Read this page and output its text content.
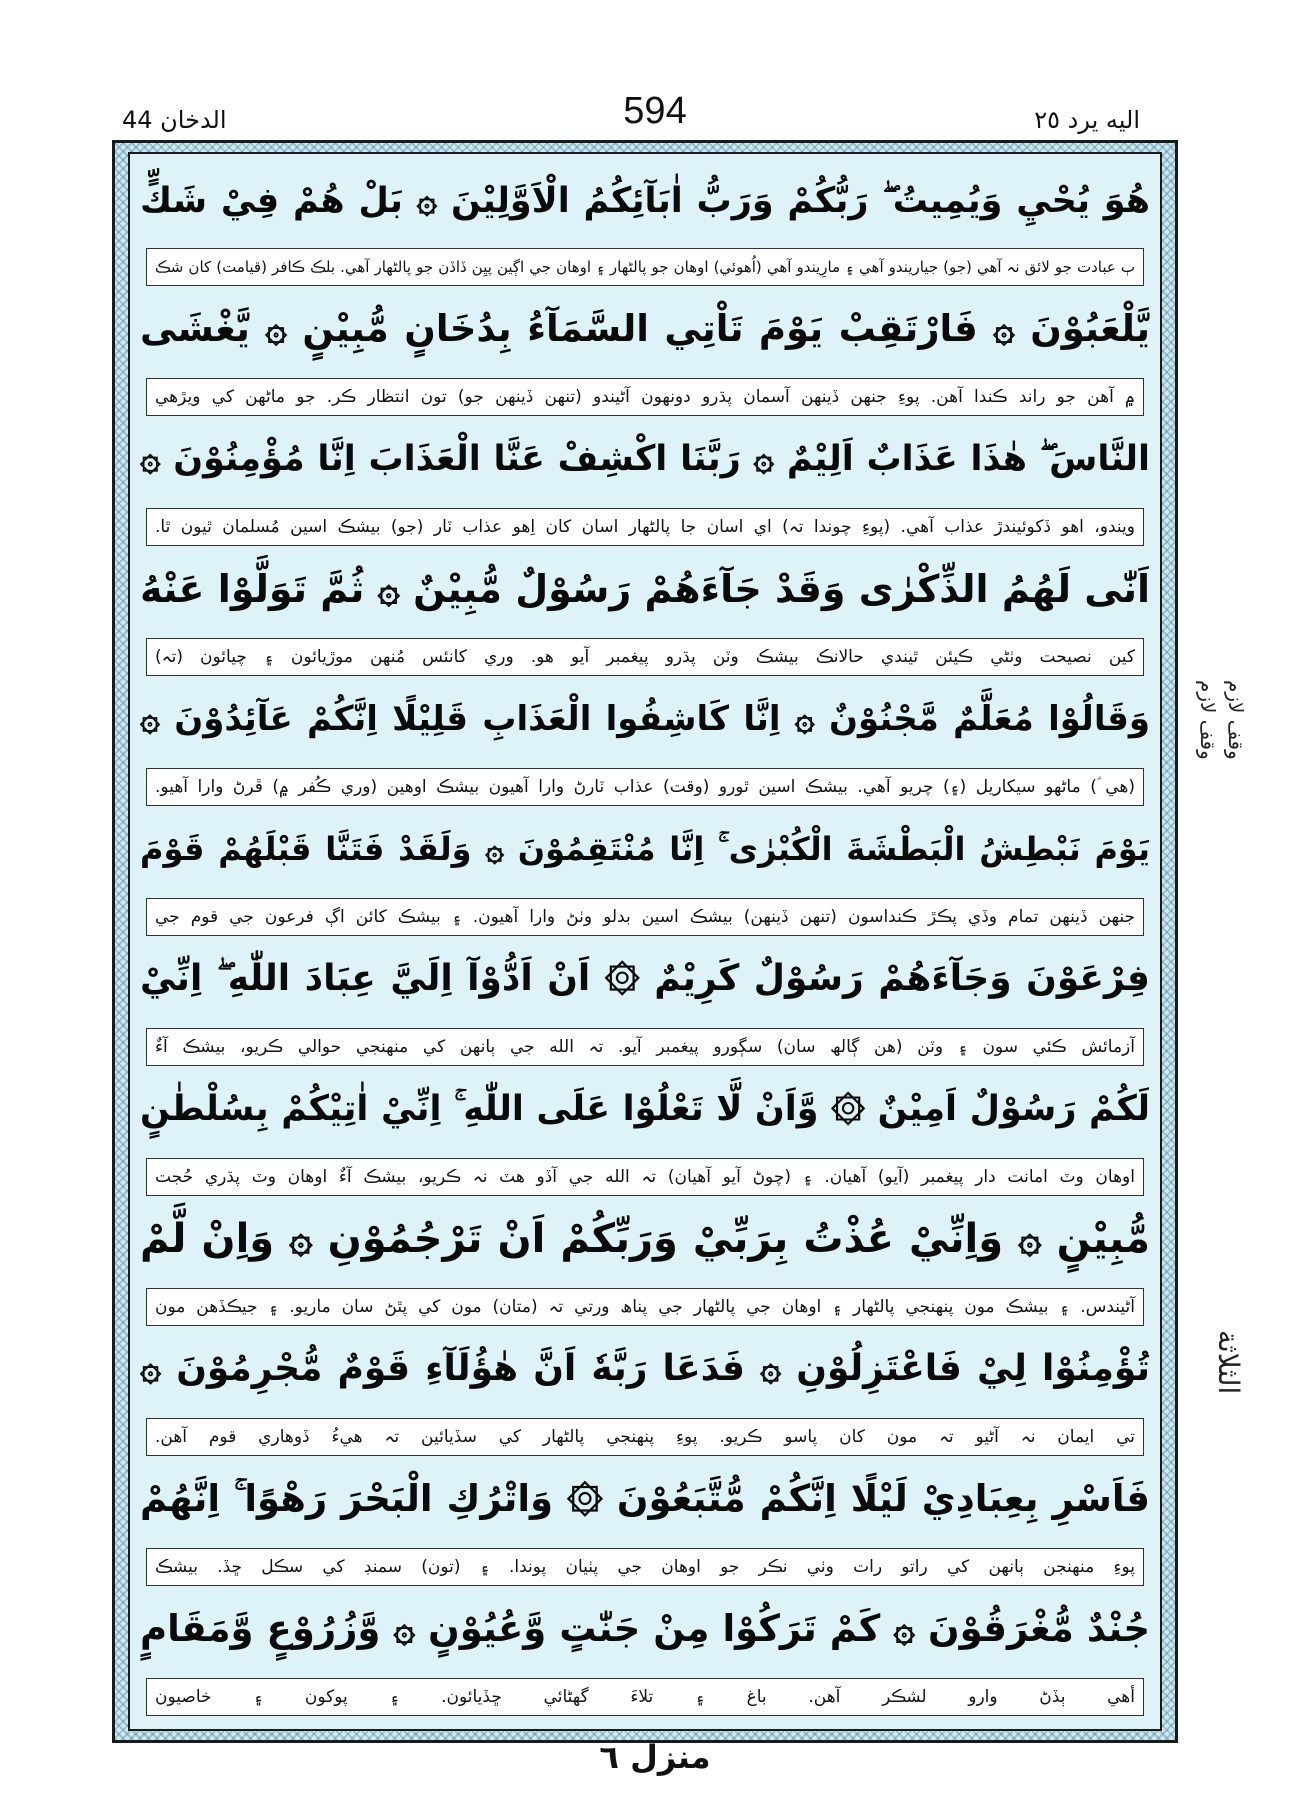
الدخان 44	594	اليه يرد ٢٥
هُوَ يُحْيِ وَيُمِيتُ ۖ رَبُّكُمْ وَرَبُّ اٰبَآئِكُمُ الْاَوَّلِيْنَ ۞ بَلْ هُمْ فِيْ شَكٍّ
ٻ عبادت جو لائق نہ آھي (جو) جياريندو آھي ۽ مارِيندو آھي (اُھوئي) اوھان جو پالڻھار ۽ اوھان جي اڳين پيِن ڏاڏن جو پالڻھار آھي. بلڪ ڪافر (قيامت) کان شڪ
يَّلْعَبُوْنَ ۞ فَارْتَقِبْ يَوْمَ تَاْتِي السَّمَآءُ بِدُخَانٍ مُّبِيْنٍ ۞ يَّغْشَى
۾ آھن جو راند ڪندا آھن. پوءِ جنھن ڏينھن آسمان پڌرو دونھون آڻيندو (تنھن ڏينھن جو) تون انتظار ڪر. جو ماڻھن کي ويڙھي
النَّاسَ ۖ هٰذَا عَذَابٌ اَلِيْمٌ ۞ رَبَّنَا اكْشِفْ عَنَّا الْعَذَابَ اِنَّا مُؤْمِنُوْنَ ۞
ويندو، اھو ڏکوئيندڙ عذاب آھي. (پوءِ چوندا تہ) اي اسان جا پالڻھار اسان کان اِھو عذاب ٽار (جو) بيشڪ اسين مُسلمان ٿيون ٿا.
اَنّٰى لَهُمُ الذِّكْرٰى وَقَدْ جَآءَهُمْ رَسُوْلٌ مُّبِيْنٌ ۞ ثُمَّ تَوَلَّوْا عَنْهُ
کين نصيحت وٺڻي ڪيئن ٿيندي حالانڪ بيشڪ وٽن پڌرو پيغمبر آيو ھو. وري کانئس مُنھن موڙيائون ۽ چيائون (تہ)
وَقَالُوْا مُعَلَّمٌ مَّجْنُوْنٌ ۞ اِنَّا كَاشِفُوا الْعَذَابِ قَلِيْلًا اِنَّكُمْ عَآئِدُوْنَ ۞
(ھي ؑ) ماڻھو سيکاريل (۽) چريو آھي. بيشڪ اسين ٿورو (وقت) عذاب ٽارڻ وارا آھيون بيشڪ اوھين (وري ڪُفر ۾) ڦرڻ وارا آھيو.
يَوْمَ نَبْطِشُ الْبَطْشَةَ الْكُبْرٰى ۚ اِنَّا مُنْتَقِمُوْنَ ۞ وَلَقَدْ فَتَنَّا قَبْلَهُمْ قَوْمَ
جنھن ڏينھن تمام وڏي پڪڙ ڪنداسون (تنھن ڏينھن) بيشڪ اسين بدلو وٺڻ وارا آھيون. ۽ بيشڪ کائن اڳ فرعون جي قوم جي
فِرْعَوْنَ وَجَآءَهُمْ رَسُوْلٌ كَرِيْمٌ ۞ اَنْ اَدُّوْآ اِلَيَّ عِبَادَ اللّٰهِ ۖ اِنِّيْ
آزمائش ڪئي سون ۽ وٽن (ھن ڳالھ سان) سڳورو پيغمبر آيو. تہ الله جي ٻانھن کي منھنجي حوالي ڪريو، بيشڪ آءٌ
لَكُمْ رَسُوْلٌ اَمِيْنٌ ۞ وَّاَنْ لَّا تَعْلُوْا عَلَى اللّٰهِ ۚ اِنِّيْ اٰتِيْكُمْ بِسُلْطٰنٍ
اوھان وٽ امانت دار پيغمبر (آيو) آھيان. ۽ (چوڻ آيو آھيان) تہ الله جي آڏو ھٽ نہ ڪريو، بيشڪ آءٌ اوھان وٽ پڌري حُجت
مُّبِيْنٍ ۞ وَاِنِّيْ عُذْتُ بِرَبِّيْ وَرَبِّكُمْ اَنْ تَرْجُمُوْنِ ۞ وَاِنْ لَّمْ
آڻيندس. ۽ بيشڪ مون پنھنجي پالڻھار ۽ اوھان جي پالڻھار جي پناھ ورتي تہ (متان) مون کي پٿڻ سان ماريو. ۽ جيڪڏھن مون
تُؤْمِنُوْا لِيْ فَاعْتَزِلُوْنِ ۞ فَدَعَا رَبَّهٗ اَنَّ هٰؤُلَآءِ قَوْمٌ مُّجْرِمُوْنَ ۞
تي ايمان نہ آڻيو تہ مون کان پاسو ڪريو. پوءِ پنھنجي پالڻھار کي سڏيائين تہ ھيءُ ڏوھاري قوم آھن.
فَاَسْرِ بِعِبَادِيْ لَيْلًا اِنَّكُمْ مُّتَّبَعُوْنَ ۞ وَاتْرُكِ الْبَحْرَ رَهْوًا ۚ اِنَّهُمْ
پوءِ منھنجن ٻانھن کي راتو رات وٺي نڪر جو اوھان جي پٺيان پوندا. ۽ (تون) سمنڊ کي سڪل ڇڏ. بيشڪ
جُنْدٌ مُّغْرَقُوْنَ ۞ كَمْ تَرَكُوْا مِنْ جَنّٰتٍ وَّعُيُوْنٍ ۞ وَّزُرُوْعٍ وَّمَقَامٍ
أھي ٻڏڻ وارو لشڪر آھن. باغ ۽ تلاءَ گھڻائي ڇڏيائون. ۽ پوکون ۽ خاصيون
وقف لازم وقف لازم
الثلاثة
منزل ٦
